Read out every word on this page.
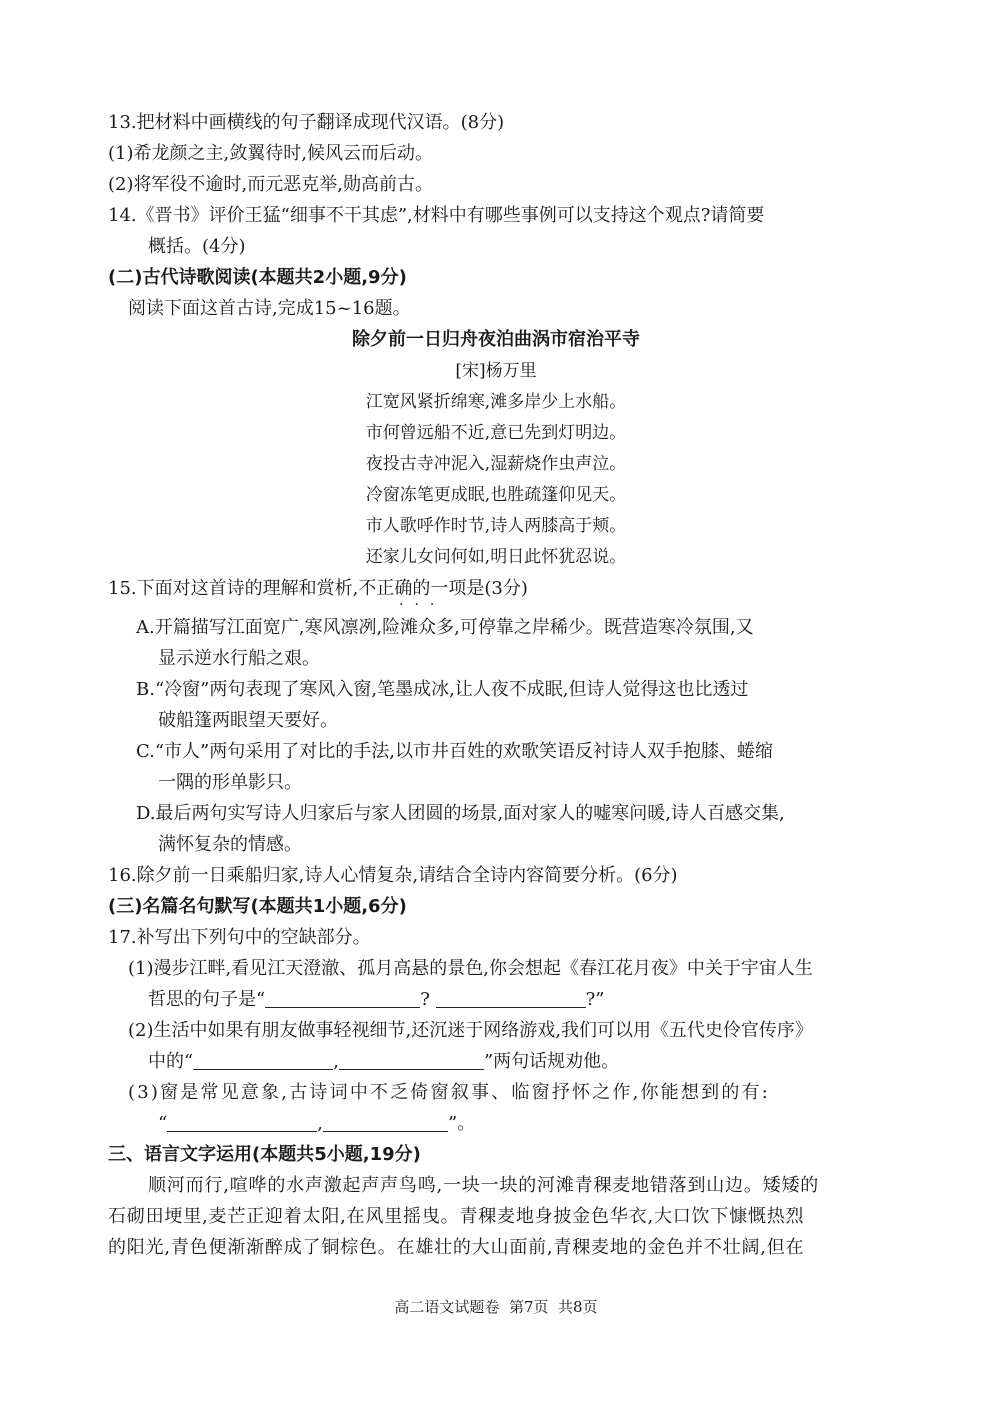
13.把材料中画横线的句子翻译成现代汉语。(8分)
(1)希龙颜之主,敛翼待时,候风云而后动。
(2)将军役不逾时,而元恶克举,勋高前古。
14.《晋书》评价王猛“细事不干其虑”,材料中有哪些事例可以支持这个观点?请简要
概括。(4分)
(二)古代诗歌阅读(本题共2小题,9分)
阅读下面这首古诗,完成15~16题。
除夕前一日归舟夜泊曲涡市宿治平寺
[宋]杨万里
江宽风紧折绵寒,滩多岸少上水船。
市何曾远船不近,意已先到灯明边。
夜投古寺冲泥入,湿薪烧作虫声泣。
冷窗冻笔更成眠,也胜疏篷仰见天。
市人歌呼作时节,诗人两膝高于颊。
还家儿女问何如,明日此怀犹忍说。
15.下面对这首诗的理解和赏析,不正确的一项是(3分)
···
A.开篇描写江面宽广,寒风凛冽,险滩众多,可停靠之岸稀少。既营造寒冷氛围,又
显示逆水行船之艰。
B.“冷窗”两句表现了寒风入窗,笔墨成冰,让人夜不成眠,但诗人觉得这也比透过
破船篷两眼望天要好。
C.“市人”两句采用了对比的手法,以市井百姓的欢歌笑语反衬诗人双手抱膝、蜷缩
一隅的形单影只。
D.最后两句实写诗人归家后与家人团圆的场景,面对家人的嘘寒问暖,诗人百感交集,
满怀复杂的情感。
16.除夕前一日乘船归家,诗人心情复杂,请结合全诗内容简要分析。(6分)
(三)名篇名句默写(本题共1小题,6分)
17.补写出下列句中的空缺部分。
(1)漫步江畔,看见江天澄澈、孤月高悬的景色,你会想起《春江花月夜》中关于宇宙人生
哲思的句子是“	?	?”
(2)生活中如果有朋友做事轻视细节,还沉迷于网络游戏,我们可以用《五代史伶官传序》
中的“	,	”两句话规劝他。
(3)窗是常见意象,古诗词中不乏倚窗叙事、临窗抒怀之作,你能想到的有:
“	,	”。
三、语言文字运用(本题共5小题,19分)
顺河而行,喧哗的水声激起声声鸟鸣,一块一块的河滩青稞麦地错落到山边。矮矮的
石砌田埂里,麦芒正迎着太阳,在风里摇曳。青稞麦地身披金色华衣,大口饮下慷慨热烈
的阳光,青色便渐渐醉成了铜棕色。在雄壮的大山面前,青稞麦地的金色并不壮阔,但在
高二语文试题卷  第7页  共8页
